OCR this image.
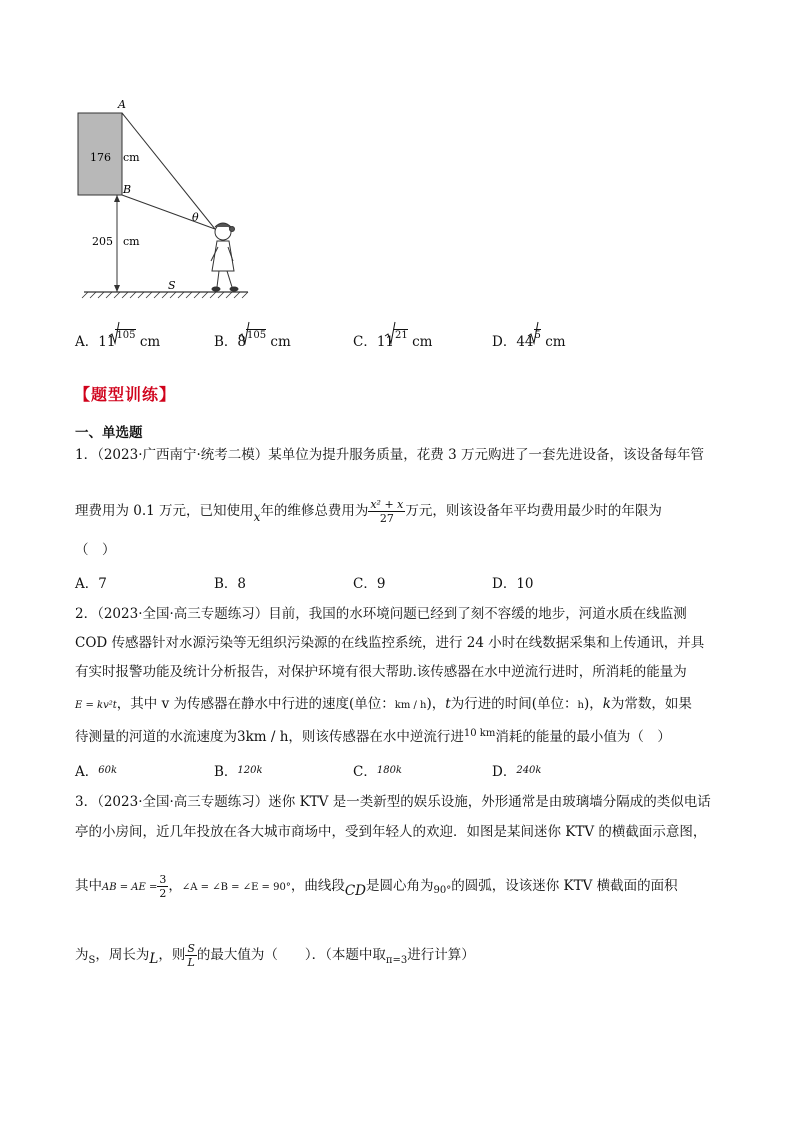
A
B
S
θ
176 cm
205 cm
A．$11^{105}$ cm	B．$8^{105}$ cm	C．$11^{21}$ cm	D．$44^5$ cm
【题型训练】
一、单选题
1．（2023·广西南宁·统考二模）某单位为提升服务质量，花费 3 万元购进了一套先进设备，该设备每年管
理费用为 0.1 万元，已知使用x年的维修总费用为 $\frac{\text{x² + x}}{27}$ 万元，则该设备年平均费用最少时的年限为
（　）
A．7	B．8	C．9	D．10
2．（2023·全国·高三专题练习）目前，我国的水环境问题已经到了刻不容缓的地步，河道水质在线监测
COD 传感器针对水源污染等无组织污染源的在线监控系统，进行 24 小时在线数据采集和上传通讯，并具
有实时报警功能及统计分析报告，对保护环境有很大帮助.该传感器在水中逆流行进时，所消耗的能量为
E = kv²t，其中 v 为传感器在静水中行进的速度(单位：km / h)，t为行进的时间(单位：h)，k为常数，如果
待测量的河道的水流速度为3km / h，则该传感器在水中逆流行进$^{10 km}$消耗的能量的最小值为（　）
A．$^{60k}$	B．$^{120k}$	C．$^{180k}$	D．$^{240k}$
3．（2023·全国·高三专题练习）迷你 KTV 是一类新型的娱乐设施，外形通常是由玻璃墙分隔成的类似电话
亭的小房间，近几年投放在各大城市商场中，受到年轻人的欢迎．如图是某间迷你 KTV 的横截面示意图，
其中AB = AE = $\frac{3}{2}$ ，∠A = ∠B = ∠E = 90°，曲线段CD是圆心角为$_{90^\circ}$的圆弧，设该迷你 KTV 横截面的面积
为$_S$，周长为L，则 $\frac{S}{L}$ 的最大值为（　　）．（本题中取$_{\pi=3}$进行计算）
